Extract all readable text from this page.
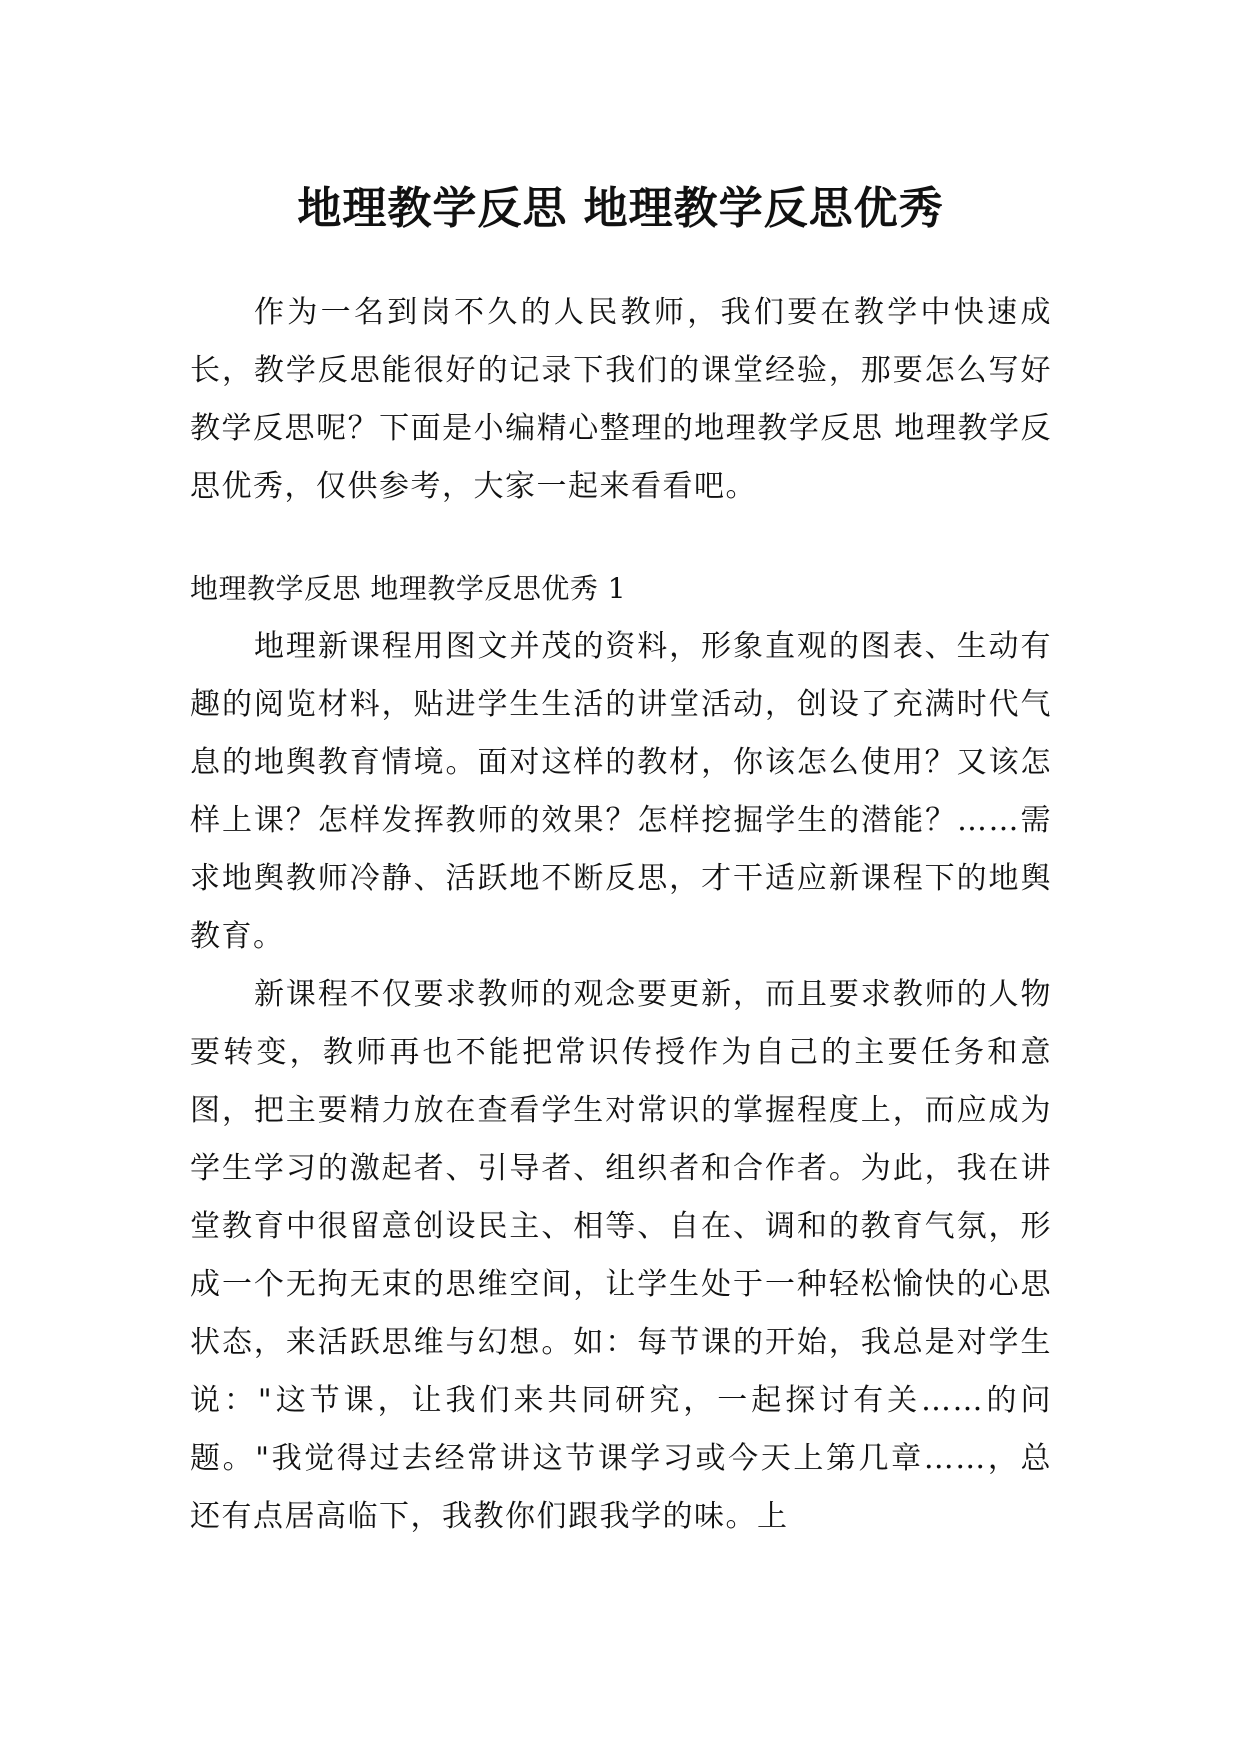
地理教学反思 地理教学反思优秀

作为一名到岗不久的人民教师，我们要在教学中快速成长，教学反思能很好的记录下我们的课堂经验，那要怎么写好教学反思呢？下面是小编精心整理的地理教学反思 地理教学反思优秀，仅供参考，大家一起来看看吧。

地理教学反思 地理教学反思优秀 1

地理新课程用图文并茂的资料，形象直观的图表、生动有趣的阅览材料，贴进学生生活的讲堂活动，创设了充满时代气息的地舆教育情境。面对这样的教材，你该怎么使用？又该怎样上课？怎样发挥教师的效果？怎样挖掘学生的潜能？……需求地舆教师冷静、活跃地不断反思，才干适应新课程下的地舆教育。

新课程不仅要求教师的观念要更新，而且要求教师的人物要转变，教师再也不能把常识传授作为自己的主要任务和意图，把主要精力放在查看学生对常识的掌握程度上，而应成为学生学习的激起者、引导者、组织者和合作者。为此，我在讲堂教育中很留意创设民主、相等、自在、调和的教育气氛，形成一个无拘无束的思维空间，让学生处于一种轻松愉快的心思状态，来活跃思维与幻想。如：每节课的开始，我总是对学生说："这节课，让我们来共同研究，一起探讨有关……的问题。"我觉得过去经常讲这节课学习或今天上第几章……，总还有点居高临下，我教你们跟我学的味。上
